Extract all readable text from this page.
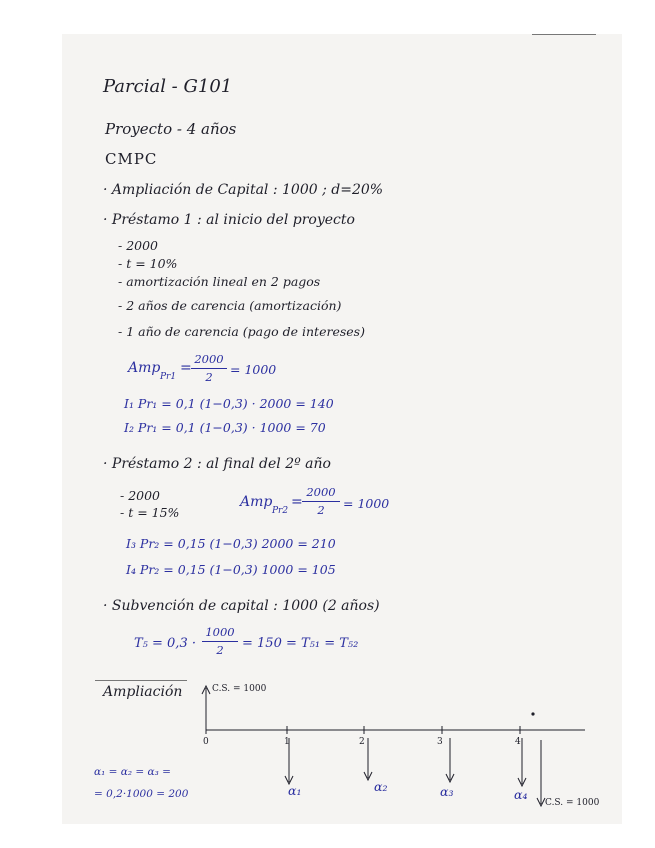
Parcial - G101
Proyecto - 4 años
CMPC
· Ampliación de Capital : 1000 ; d=20%
· Préstamo 1 : al inicio del proyecto
- 2000
- t = 10%
- amortización lineal en 2 pagos
- 2 años de carencia (amortización)
- 1 año de carencia (pago de intereses)
Amp
Pr1
=
2000
2	= 1000
I₁ Pr₁ = 0,1 (1−0,3) · 2000 = 140
I₂ Pr₁ = 0,1 (1−0,3) · 1000 = 70
· Préstamo 2 : al final del 2º año
- 2000
- t = 15%
Amp
Pr2
=
2000
2	= 1000
I₃ Pr₂ = 0,15 (1−0,3) 2000 = 210
I₄ Pr₂ = 0,15 (1−0,3) 1000 = 105
· Subvención de capital : 1000 (2 años)
T₅ = 0,3 ·
1000
2	= 150 = T₅₁ = T₅₂
Ampliación	C.S. = 1000
0	1	2	3	4
α₁	α₂	α₃	α₄
C.S. = 1000
α₁ = α₂ = α₃ =
= 0,2·1000 = 200
